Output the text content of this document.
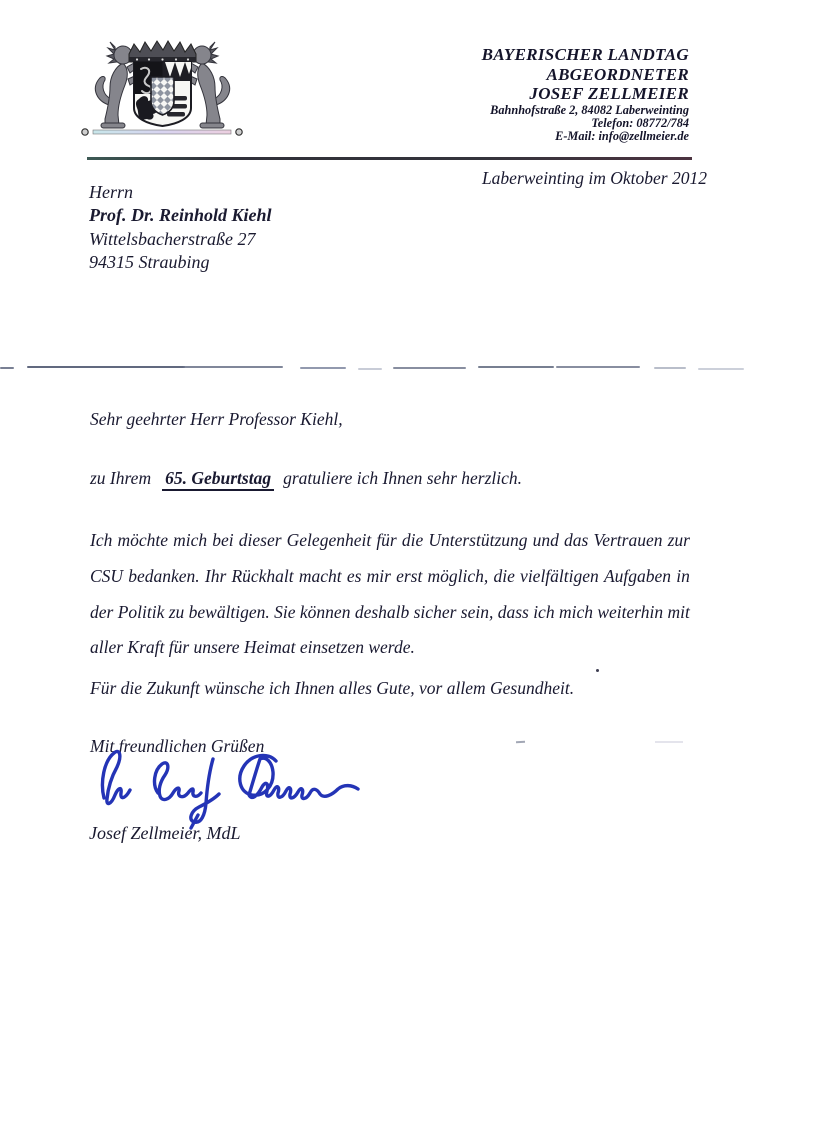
BAYERISCHER LANDTAG
ABGEORDNETER
JOSEF ZELLMEIER
Bahnhofstraße 2, 84082 Laberweinting
Telefon: 08772/784
E-Mail: info@zellmeier.de
Laberweinting im Oktober 2012
Herrn
Prof. Dr. Reinhold Kiehl
Wittelsbacherstraße 27
94315 Straubing
Sehr geehrter Herr Professor Kiehl,
zu Ihrem 65. Geburtstag gratuliere ich Ihnen sehr herzlich.
Ich möchte mich bei dieser Gelegenheit für die Unterstützung und das Vertrauen zur
CSU bedanken. Ihr Rückhalt macht es mir erst möglich, die vielfältigen Aufgaben in
der Politik zu bewältigen. Sie können deshalb sicher sein, dass ich mich weiterhin mit
aller Kraft für unsere Heimat einsetzen werde.
Für die Zukunft wünsche ich Ihnen alles Gute, vor allem Gesundheit.
Mit freundlichen Grüßen
Josef Zellmeier, MdL
